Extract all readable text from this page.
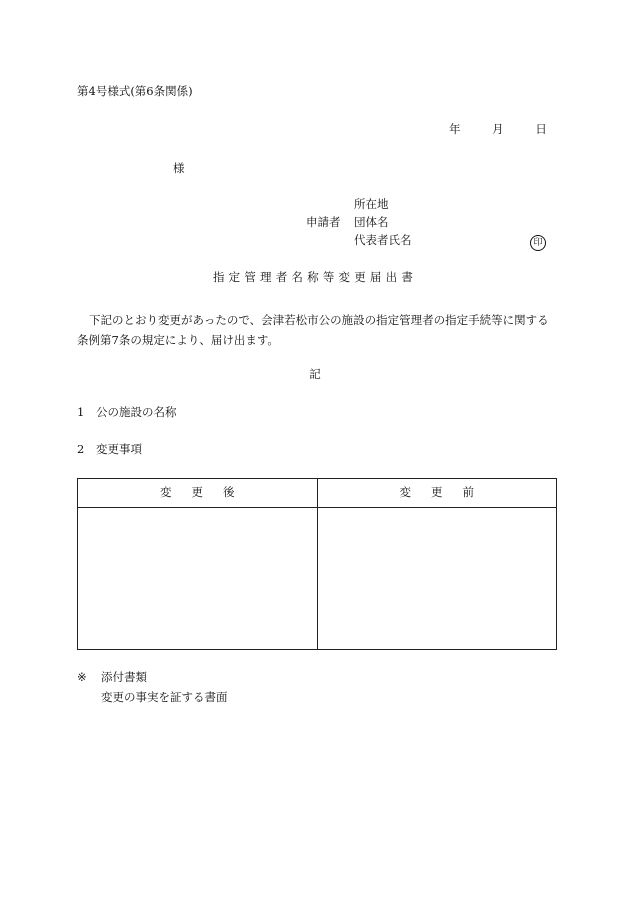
第4号様式(第6条関係)
年	月	日
様
所在地
申請者 団体名
代表者氏名	印
指定管理者名称等変更届出書
下記のとおり変更があったので、会津若松市公の施設の指定管理者の指定手続等に関する条例第7条の規定により、届け出ます。
記
1 公の施設の名称
2 変更事項
変更後	変更前

※ 添付書類
変更の事実を証する書面
